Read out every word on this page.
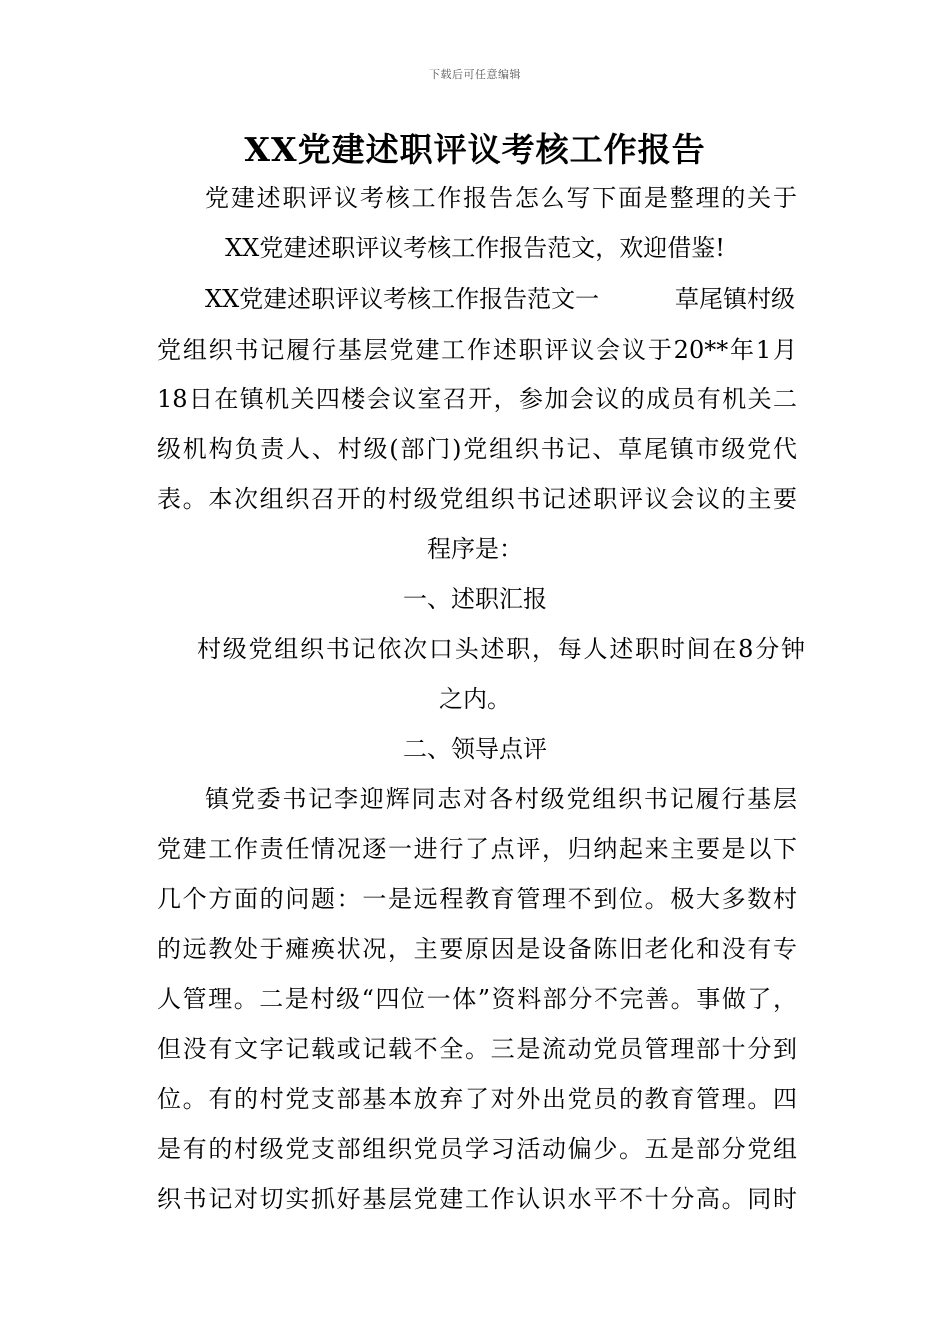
下载后可任意编辑
XX党建述职评议考核工作报告
党建述职评议考核工作报告怎么写下面是整理的关于
XX党建述职评议考核工作报告范文，欢迎借鉴!
XX党建述职评议考核工作报告范文一	草尾镇村级
党组织书记履行基层党建工作述职评议会议于20**年1月
18日在镇机关四楼会议室召开，参加会议的成员有机关二
级机构负责人、村级(部门)党组织书记、草尾镇市级党代
表。本次组织召开的村级党组织书记述职评议会议的主要
程序是：
一、述职汇报
村级党组织书记依次口头述职，每人述职时间在8分钟
之内。
二、领导点评
镇党委书记李迎辉同志对各村级党组织书记履行基层
党建工作责任情况逐一进行了点评，归纳起来主要是以下
几个方面的问题：一是远程教育管理不到位。极大多数村
的远教处于瘫痪状况，主要原因是设备陈旧老化和没有专
人管理。二是村级“四位一体”资料部分不完善。事做了，
但没有文字记载或记载不全。三是流动党员管理部十分到
位。有的村党支部基本放弃了对外出党员的教育管理。四
是有的村级党支部组织党员学习活动偏少。五是部分党组
织书记对切实抓好基层党建工作认识水平不十分高。同时
